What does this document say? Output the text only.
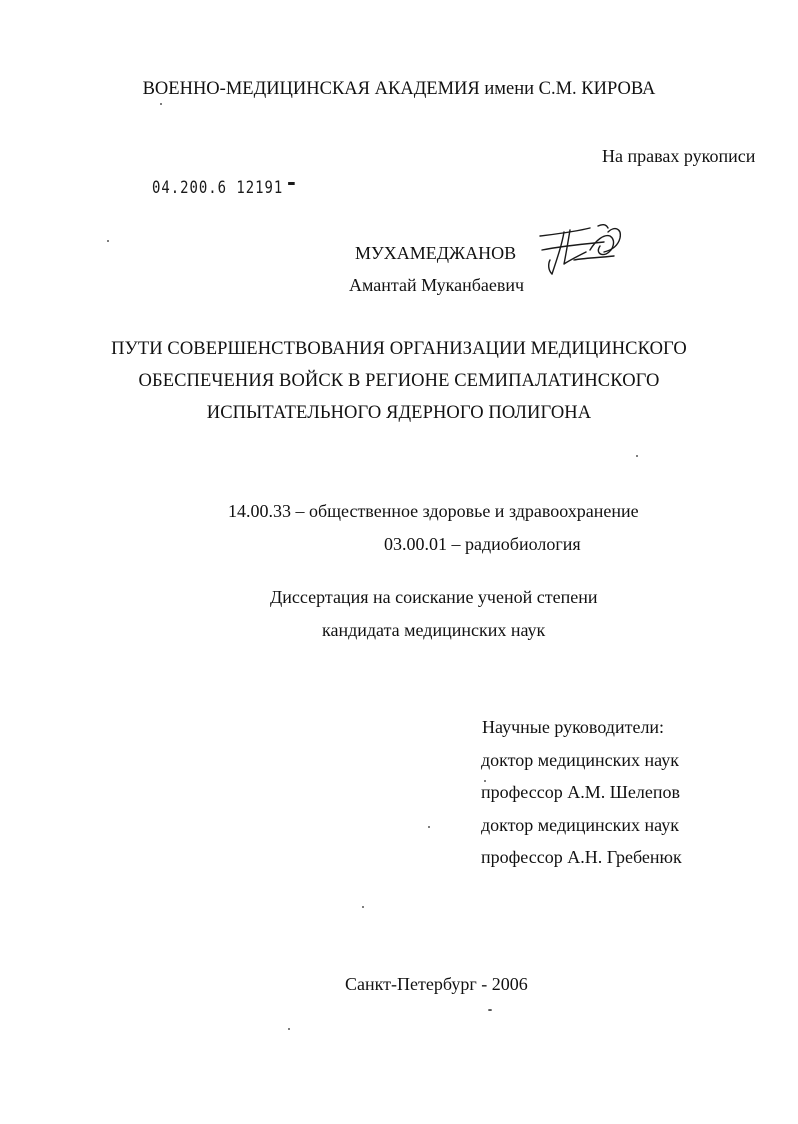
ВОЕННО-МЕДИЦИНСКАЯ АКАДЕМИЯ имени С.М. КИРОВА
На правах рукописи
04.200.6 12191
МУХАМЕДЖАНОВ
Амантай Муканбаевич
ПУТИ СОВЕРШЕНСТВОВАНИЯ ОРГАНИЗАЦИИ МЕДИЦИНСКОГО
ОБЕСПЕЧЕНИЯ ВОЙСК В РЕГИОНЕ СЕМИПАЛАТИНСКОГО
ИСПЫТАТЕЛЬНОГО ЯДЕРНОГО ПОЛИГОНА
14.00.33 – общественное здоровье и здравоохранение
03.00.01 – радиобиология
Диссертация на соискание ученой степени
кандидата медицинских наук
Научные руководители:
доктор медицинских наук
профессор А.М. Шелепов
доктор медицинских наук
профессор А.Н. Гребенюк
Санкт-Петербург - 2006
